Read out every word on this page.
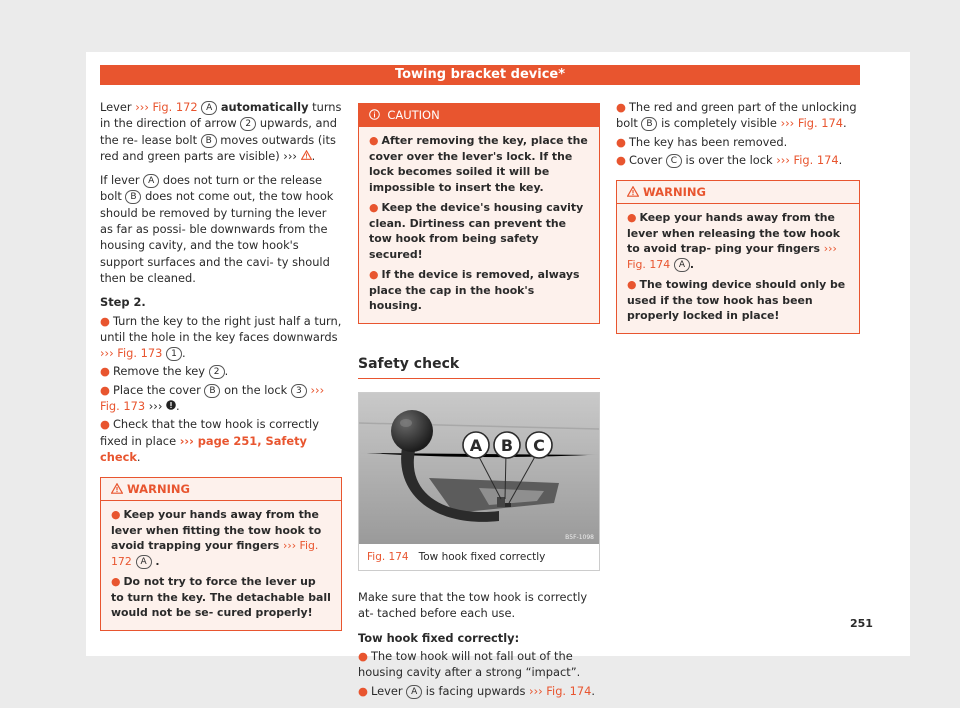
Towing bracket device*

Lever ››› Fig. 172 A automatically turns in the direction of arrow 2 upwards, and the re- lease bolt B moves outwards (its red and green parts are visible) ››› .

If lever A does not turn or the release bolt B does not come out, the tow hook should be removed by turning the lever as far as possi- ble downwards from the housing cavity, and the tow hook's support surfaces and the cavi- ty should then be cleaned.

Step 2.

● Turn the key to the right just half a turn, until the hole in the key faces downwards ››› Fig. 173 1 .

● Remove the key 2 .

● Place the cover B on the lock 3 ››› Fig. 173 ››› .

● Check that the tow hook is correctly fixed in place ››› page 251, Safety check.

WARNING

● Keep your hands away from the lever when fitting the tow hook to avoid trapping your fingers ››› Fig. 172 A .

● Do not try to force the lever up to turn the key. The detachable ball would not be se- cured properly!

CAUTION

● After removing the key, place the cover over the lever's lock. If the lock becomes soiled it will be impossible to insert the key.

● Keep the device's housing cavity clean. Dirtiness can prevent the tow hook from being safety secured!

● If the device is removed, always place the cap in the hook's housing.

Safety check
A B C
B5F-1098
Fig. 174 Tow hook fixed correctly

Make sure that the tow hook is correctly at- tached before each use.

Tow hook fixed correctly:

● The tow hook will not fall out of the housing cavity after a strong “impact”.

● Lever A is facing upwards ››› Fig. 174.

● The red and green part of the unlocking bolt B is completely visible ››› Fig. 174.

● The key has been removed.

● Cover C is over the lock ››› Fig. 174.

WARNING

● Keep your hands away from the lever when releasing the tow hook to avoid trap- ping your fingers ››› Fig. 174 A .

● The towing device should only be used if the tow hook has been properly locked in place!

251
